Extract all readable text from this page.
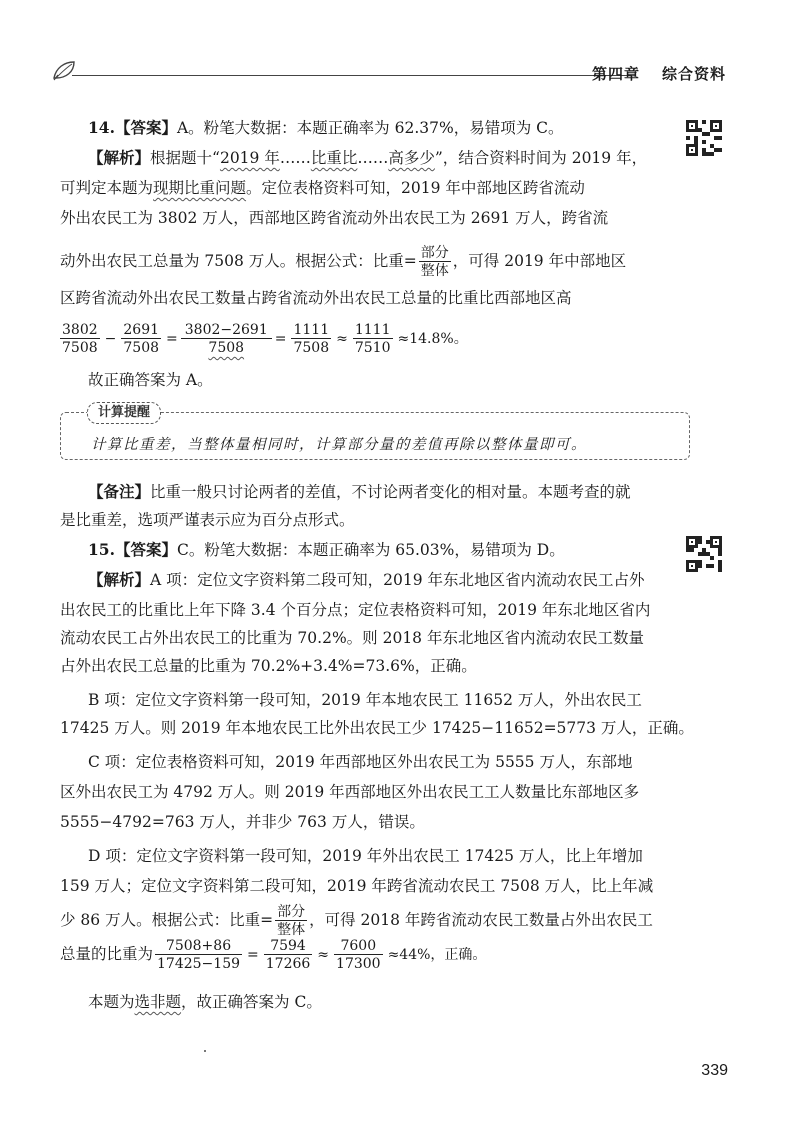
第四章 综合资料
14.【答案】A。粉笔大数据：本题正确率为 62.37%，易错项为 C。
【解析】根据题十“2019 年……比重比……高多少”，结合资料时间为 2019 年，
可判定本题为现期比重问题。定位表格资料可知，2019 年中部地区跨省流动
外出农民工为 3802 万人，西部地区跨省流动外出农民工为 2691 万人，跨省流
动外出农民工总量为 7508 万人。根据公式：比重= $\frac{\text{部分}}{\text{整体}}$ ，可得 2019 年中部地区
区跨省流动外出农民工数量占跨省流动外出农民工总量的比重比西部地区高
$\frac{3802}{7508} - \frac{2691}{7508} = \frac{3802-2691}{7508} = \frac{1111}{7508} \approx \frac{1111}{7510} \approx 14.8\%$。
故正确答案为 A。
计算提醒
计算比重差，当整体量相同时，计算部分量的差值再除以整体量即可。
【备注】比重一般只讨论两者的差值，不讨论两者变化的相对量。本题考查的就
是比重差，选项严谨表示应为百分点形式。
15.【答案】C。粉笔大数据：本题正确率为 65.03%，易错项为 D。
【解析】A 项：定位文字资料第二段可知，2019 年东北地区省内流动农民工占外
出农民工的比重比上年下降 3.4 个百分点；定位表格资料可知，2019 年东北地区省内
流动农民工占外出农民工的比重为 70.2%。则 2018 年东北地区省内流动农民工数量
占外出农民工总量的比重为 70.2%+3.4%=73.6%，正确。
B 项：定位文字资料第一段可知，2019 年本地农民工 11652 万人，外出农民工
17425 万人。则 2019 年本地农民工比外出农民工少 17425−11652=5773 万人，正确。
C 项：定位表格资料可知，2019 年西部地区外出农民工为 5555 万人，东部地
区外出农民工为 4792 万人。则 2019 年西部地区外出农民工工人数量比东部地区多
5555−4792=763 万人，并非少 763 万人，错误。
D 项：定位文字资料第一段可知，2019 年外出农民工 17425 万人，比上年增加
159 万人；定位文字资料第二段可知，2019 年跨省流动农民工 7508 万人，比上年减
少 86 万人。根据公式：比重= $\frac{\text{部分}}{\text{整体}}$ ，可得 2018 年跨省流动农民工数量占外出农民工
总量的比重为 $\frac{7508+86}{17425-159} = \frac{7594}{17266} \approx \frac{7600}{17300} \approx 44\%$，正确。
本题为选非题，故正确答案为 C。
339
